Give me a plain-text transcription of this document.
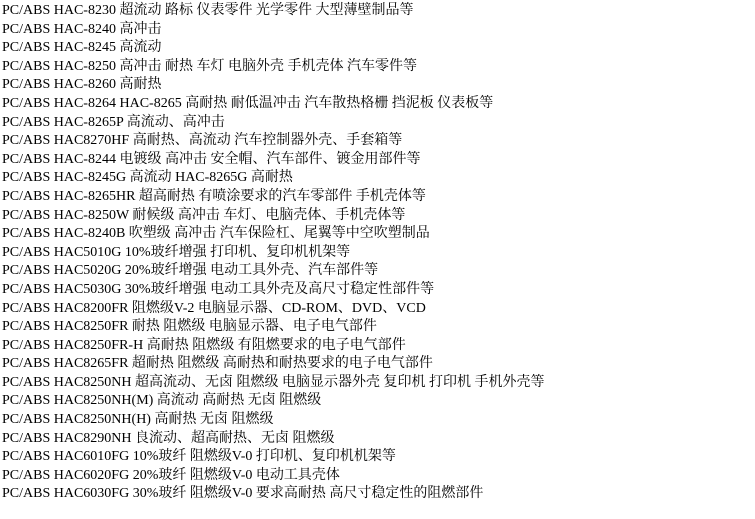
PC/ABS HAC-8230 超流动 路标 仪表零件 光学零件 大型薄壁制品等
PC/ABS HAC-8240 高冲击
PC/ABS HAC-8245 高流动
PC/ABS HAC-8250 高冲击 耐热 车灯 电脑外壳 手机壳体 汽车零件等
PC/ABS HAC-8260 高耐热
PC/ABS HAC-8264 HAC-8265 高耐热 耐低温冲击 汽车散热格栅 挡泥板 仪表板等
PC/ABS HAC-8265P 高流动、高冲击
PC/ABS HAC8270HF 高耐热、高流动 汽车控制器外壳、手套箱等
PC/ABS HAC-8244 电镀级 高冲击 安全帽、汽车部件、镀金用部件等
PC/ABS HAC-8245G 高流动 HAC-8265G 高耐热
PC/ABS HAC-8265HR 超高耐热 有喷涂要求的汽车零部件 手机壳体等
PC/ABS HAC-8250W 耐候级 高冲击 车灯、电脑壳体、手机壳体等
PC/ABS HAC-8240B 吹塑级 高冲击 汽车保险杠、尾翼等中空吹塑制品
PC/ABS HAC5010G 10%玻纤增强 打印机、复印机机架等
PC/ABS HAC5020G 20%玻纤增强 电动工具外壳、汽车部件等
PC/ABS HAC5030G 30%玻纤增强 电动工具外壳及高尺寸稳定性部件等
PC/ABS HAC8200FR 阻燃级V-2 电脑显示器、CD-ROM、DVD、VCD
PC/ABS HAC8250FR 耐热 阻燃级 电脑显示器、电子电气部件
PC/ABS HAC8250FR-H 高耐热 阻燃级 有阻燃要求的电子电气部件
PC/ABS HAC8265FR 超耐热 阻燃级 高耐热和耐热要求的电子电气部件
PC/ABS HAC8250NH 超高流动、无卤 阻燃级 电脑显示器外壳 复印机 打印机 手机外壳等
PC/ABS HAC8250NH(M) 高流动 高耐热 无卤 阻燃级
PC/ABS HAC8250NH(H) 高耐热 无卤 阻燃级
PC/ABS HAC8290NH 良流动、超高耐热、无卤 阻燃级
PC/ABS HAC6010FG 10%玻纤 阻燃级V-0 打印机、复印机机架等
PC/ABS HAC6020FG 20%玻纤 阻燃级V-0 电动工具壳体
PC/ABS HAC6030FG 30%玻纤 阻燃级V-0 要求高耐热 高尺寸稳定性的阻燃部件
